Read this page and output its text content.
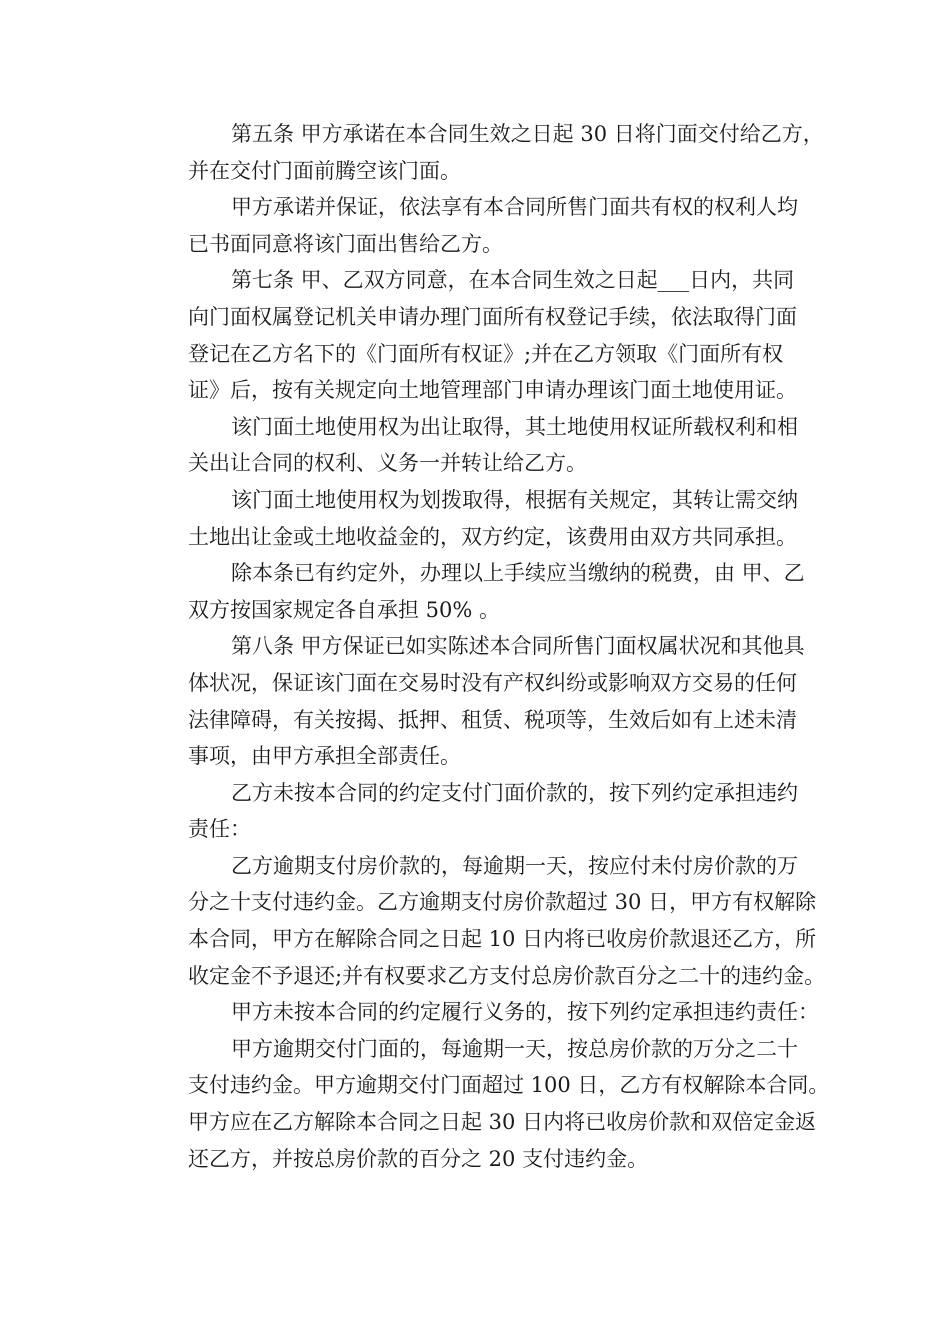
第五条 甲方承诺在本合同生效之日起 30 日将门面交付给乙方，
并在交付门面前腾空该门面。

甲方承诺并保证，依法享有本合同所售门面共有权的权利人均
已书面同意将该门面出售给乙方。

第七条 甲、乙双方同意，在本合同生效之日起___日内，共同
向门面权属登记机关申请办理门面所有权登记手续，依法取得门面
登记在乙方名下的《门面所有权证》;并在乙方领取《门面所有权
证》后，按有关规定向土地管理部门申请办理该门面土地使用证。

该门面土地使用权为出让取得，其土地使用权证所载权利和相
关出让合同的权利、义务一并转让给乙方。

该门面土地使用权为划拨取得，根据有关规定，其转让需交纳
土地出让金或土地收益金的，双方约定，该费用由双方共同承担。

除本条已有约定外，办理以上手续应当缴纳的税费，由 甲、乙
双方按国家规定各自承担 50% 。

第八条 甲方保证已如实陈述本合同所售门面权属状况和其他具
体状况，保证该门面在交易时没有产权纠纷或影响双方交易的任何
法律障碍，有关按揭、抵押、租赁、税项等，生效后如有上述未清
事项，由甲方承担全部责任。

乙方未按本合同的约定支付门面价款的，按下列约定承担违约
责任：

乙方逾期支付房价款的，每逾期一天，按应付未付房价款的万
分之十支付违约金。乙方逾期支付房价款超过 30 日，甲方有权解除
本合同，甲方在解除合同之日起 10 日内将已收房价款退还乙方，所
收定金不予退还;并有权要求乙方支付总房价款百分之二十的违约金。

甲方未按本合同的约定履行义务的，按下列约定承担违约责任：

甲方逾期交付门面的，每逾期一天，按总房价款的万分之二十
支付违约金。甲方逾期交付门面超过 100 日，乙方有权解除本合同。
甲方应在乙方解除本合同之日起 30 日内将已收房价款和双倍定金返
还乙方，并按总房价款的百分之 20 支付违约金。
